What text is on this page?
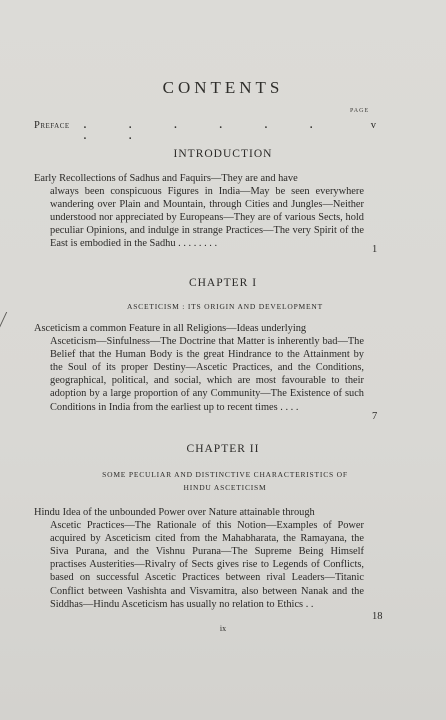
CONTENTS
PAGE
Preface	. . . . . . . .
v
INTRODUCTION
Early Recollections of Sadhus and Faquirs—They are and have
always been conspicuous Figures in India—May be seen everywhere wandering over Plain and Mountain, through Cities and Jungles—Neither understood nor appreciated by Europeans—They are of various Sects, hold peculiar Opinions, and indulge in strange Practices—The very Spirit of the East is embodied in the Sadhu . . . . . . . .
1
CHAPTER I
ASCETICISM : ITS ORIGIN AND DEVELOPMENT
Asceticism a common Feature in all Religions—Ideas underlying
Asceticism—Sinfulness—The Doctrine that Matter is inherently bad—The Belief that the Human Body is the great Hindrance to the Attainment by the Soul of its proper Destiny—Ascetic Practices, and the Conditions, geographical, political, and social, which are most favourable to their adoption by a large proportion of any Community—The Existence of such Conditions in India from the earliest up to recent times . . . .
7
CHAPTER II
SOME PECULIAR AND DISTINCTIVE CHARACTERISTICS OF
HINDU ASCETICISM
Hindu Idea of the unbounded Power over Nature attainable through
Ascetic Practices—The Rationale of this Notion—Examples of Power acquired by Asceticism cited from the Mahabharata, the Ramayana, the Siva Purana, and the Vishnu Purana—The Supreme Being Himself practises Austerities—Rivalry of Sects gives rise to Legends of Conflicts, based on successful Ascetic Practices between rival Leaders—Titanic Conflict between Vashishta and Visvamitra, also between Nanak and the Siddhas—Hindu Asceticism has usually no relation to Ethics . .
18
ix
